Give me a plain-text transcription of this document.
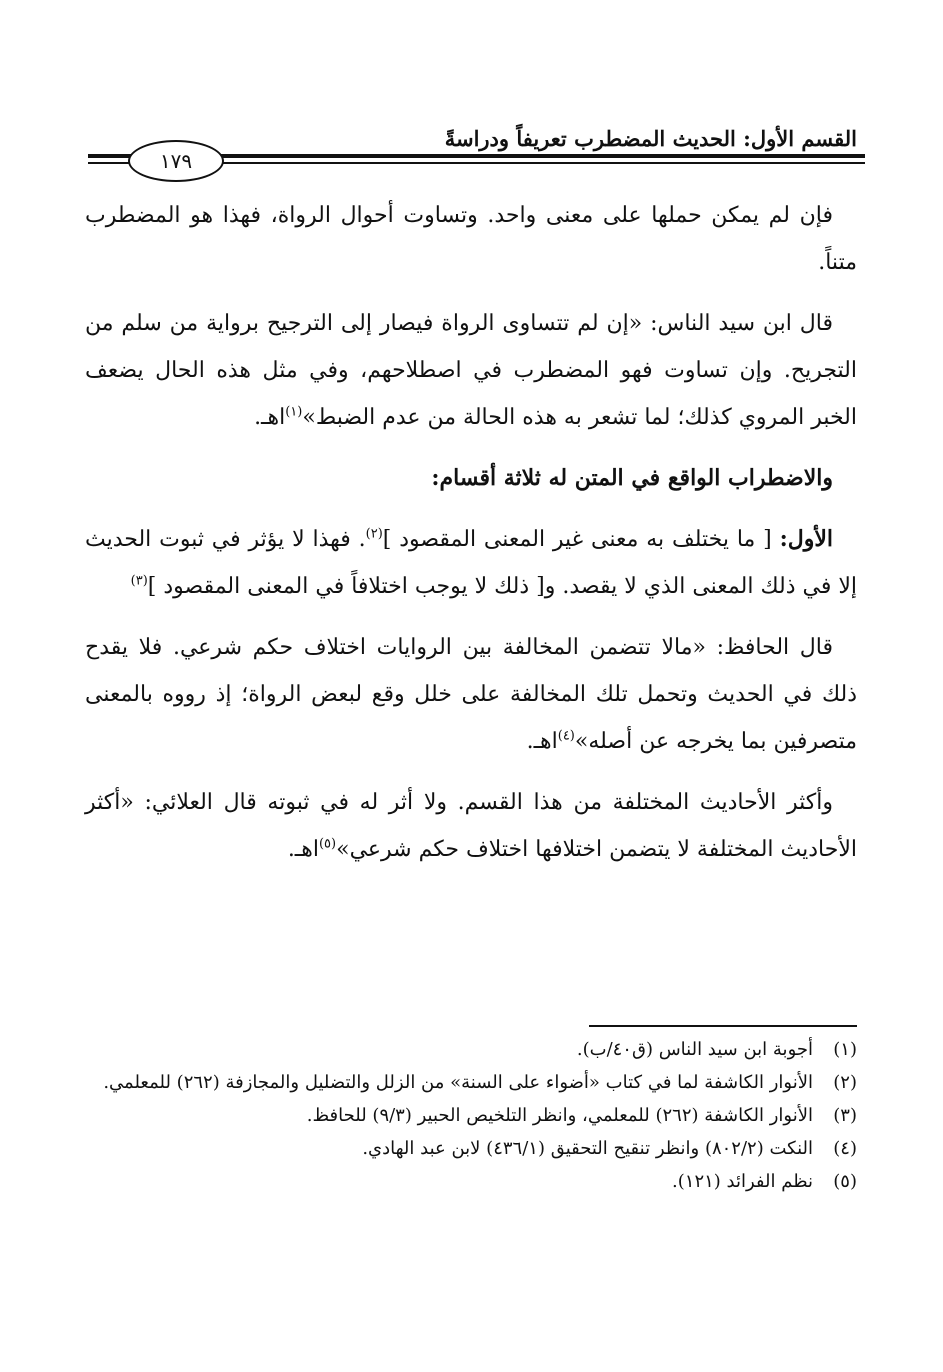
القسم الأول: الحديث المضطرب تعريفاً ودراسةً
١٧٩

فإن لم يمكن حملها على معنى واحد. وتساوت أحوال الرواة، فهذا هو المضطرب متناً.

قال ابن سيد الناس: «إن لم تتساوى الرواة فيصار إلى الترجيح برواية من سلم من التجريح. وإن تساوت فهو المضطرب في اصطلاحهم، وفي مثل هذه الحال يضعف الخبر المروي كذلك؛ لما تشعر به هذه الحالة من عدم الضبط»$^{(١)}$اهـ.

والاضطراب الواقع في المتن له ثلاثة أقسام:

الأول: [ ما يختلف به معنى غير المعنى المقصود ]$^{(٢)}$. فهذا لا يؤثر في ثبوت الحديث إلا في ذلك المعنى الذي لا يقصد. و[ ذلك لا يوجب اختلافاً في المعنى المقصود ]$^{(٣)}$

قال الحافظ: «مالا تتضمن المخالفة بين الروايات اختلاف حكم شرعي. فلا يقدح ذلك في الحديث وتحمل تلك المخالفة على خلل وقع لبعض الرواة؛ إذ رووه بالمعنى متصرفين بما يخرجه عن أصله»$^{(٤)}$اهـ.

وأكثر الأحاديث المختلفة من هذا القسم. ولا أثر له في ثبوته قال العلائي: «أكثر الأحاديث المختلفة لا يتضمن اختلافها اختلاف حكم شرعي»$^{(٥)}$اهـ.

(١)
أجوبة ابن سيد الناس (ق٤٠/ب).
(٢)
الأنوار الكاشفة لما في كتاب «أضواء على السنة» من الزلل والتضليل والمجازفة (٢٦٢) للمعلمي.
(٣)
الأنوار الكاشفة (٢٦٢) للمعلمي، وانظر التلخيص الحبير (٩/٣) للحافظ.
(٤)
النكت (٨٠٢/٢) وانظر تنقيح التحقيق (٤٣٦/١) لابن عبد الهادي.
(٥)
نظم الفرائد (١٢١).
